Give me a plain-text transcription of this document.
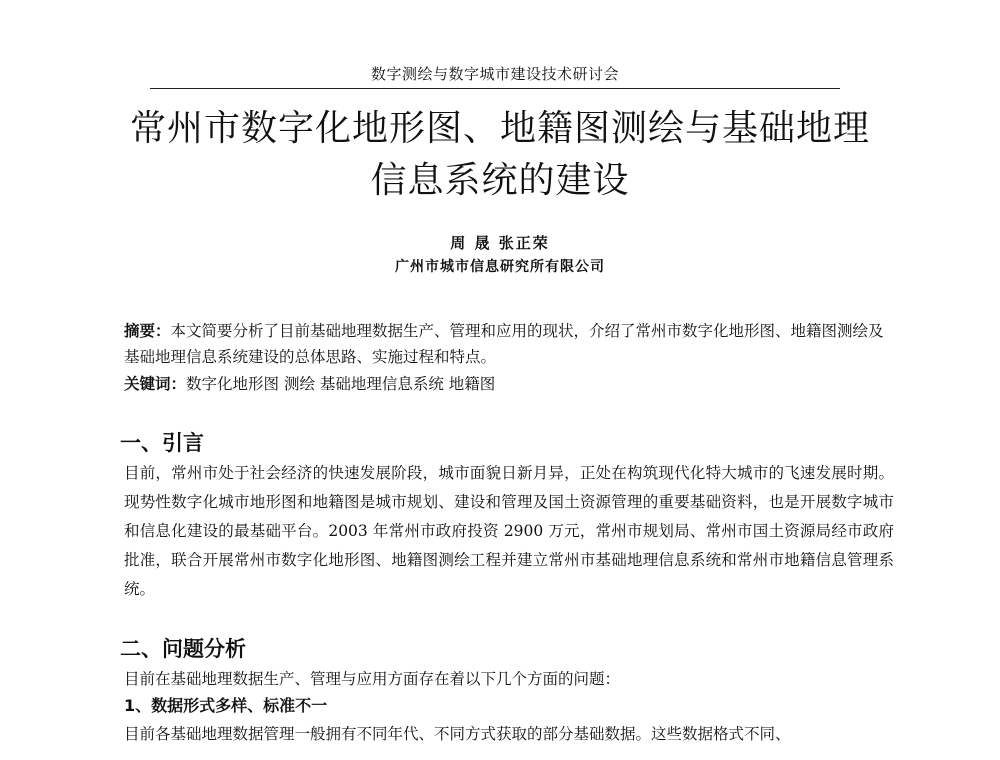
数字测绘与数字城市建设技术研讨会
常州市数字化地形图、地籍图测绘与基础地理
信息系统的建设
周 晟 张正荣
广州市城市信息研究所有限公司

摘要：本文简要分析了目前基础地理数据生产、管理和应用的现状，介绍了常州市数字化地形图、地籍图测绘及基础地理信息系统建设的总体思路、实施过程和特点。

关键词：数字化地形图 测绘 基础地理信息系统 地籍图

一、引言

目前，常州市处于社会经济的快速发展阶段，城市面貌日新月异，正处在构筑现代化特大城市的飞速发展时期。现势性数字化城市地形图和地籍图是城市规划、建设和管理及国土资源管理的重要基础资料，也是开展数字城市和信息化建设的最基础平台。2003 年常州市政府投资 2900 万元，常州市规划局、常州市国土资源局经市政府批准，联合开展常州市数字化地形图、地籍图测绘工程并建立常州市基础地理信息系统和常州市地籍信息管理系统。

二、问题分析

目前在基础地理数据生产、管理与应用方面存在着以下几个方面的问题：

1、数据形式多样、标准不一

目前各基础地理数据管理一般拥有不同年代、不同方式获取的部分基础数据。这些数据格式不同、
